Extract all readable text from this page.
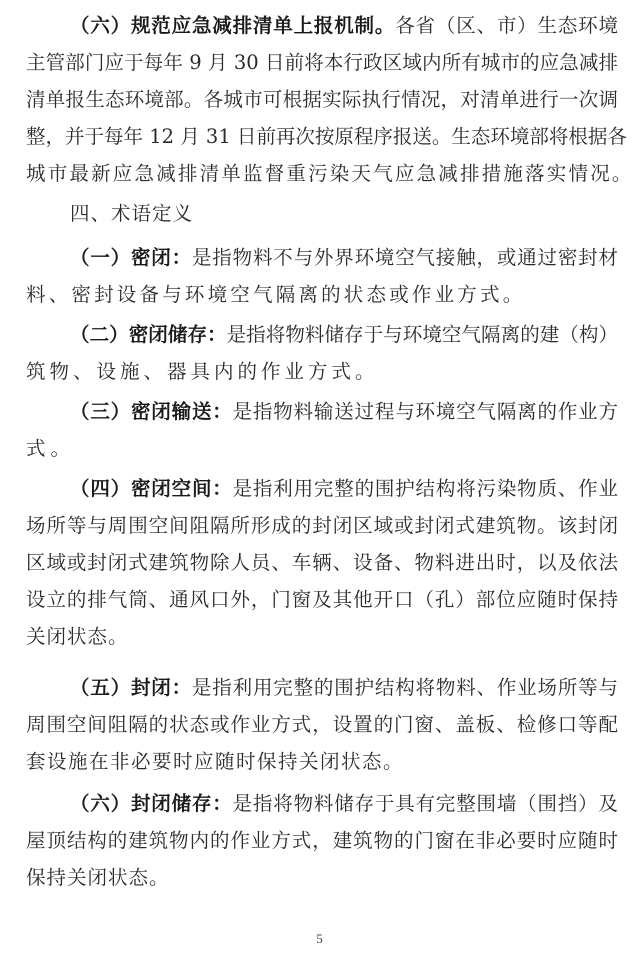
（六）规范应急减排清单上报机制。各省（区、市）生态环境
主管部门应于每年 9 月 30 日前将本行政区域内所有城市的应急减排
清单报生态环境部。各城市可根据实际执行情况，对清单进行一次调
整，并于每年 12 月 31 日前再次按原程序报送。生态环境部将根据各
城市最新应急减排清单监督重污染天气应急减排措施落实情况。
四、术语定义
（一）密闭：是指物料不与外界环境空气接触，或通过密封材
料、密封设备与环境空气隔离的状态或作业方式。
（二）密闭储存：是指将物料储存于与环境空气隔离的建（构）
筑物、设施、器具内的作业方式。
（三）密闭输送：是指物料输送过程与环境空气隔离的作业方
式。
（四）密闭空间：是指利用完整的围护结构将污染物质、作业
场所等与周围空间阻隔所形成的封闭区域或封闭式建筑物。该封闭
区域或封闭式建筑物除人员、车辆、设备、物料进出时，以及依法
设立的排气筒、通风口外，门窗及其他开口（孔）部位应随时保持
关闭状态。
（五）封闭：是指利用完整的围护结构将物料、作业场所等与
周围空间阻隔的状态或作业方式，设置的门窗、盖板、检修口等配
套设施在非必要时应随时保持关闭状态。
（六）封闭储存：是指将物料储存于具有完整围墙（围挡）及
屋顶结构的建筑物内的作业方式，建筑物的门窗在非必要时应随时
保持关闭状态。
5
